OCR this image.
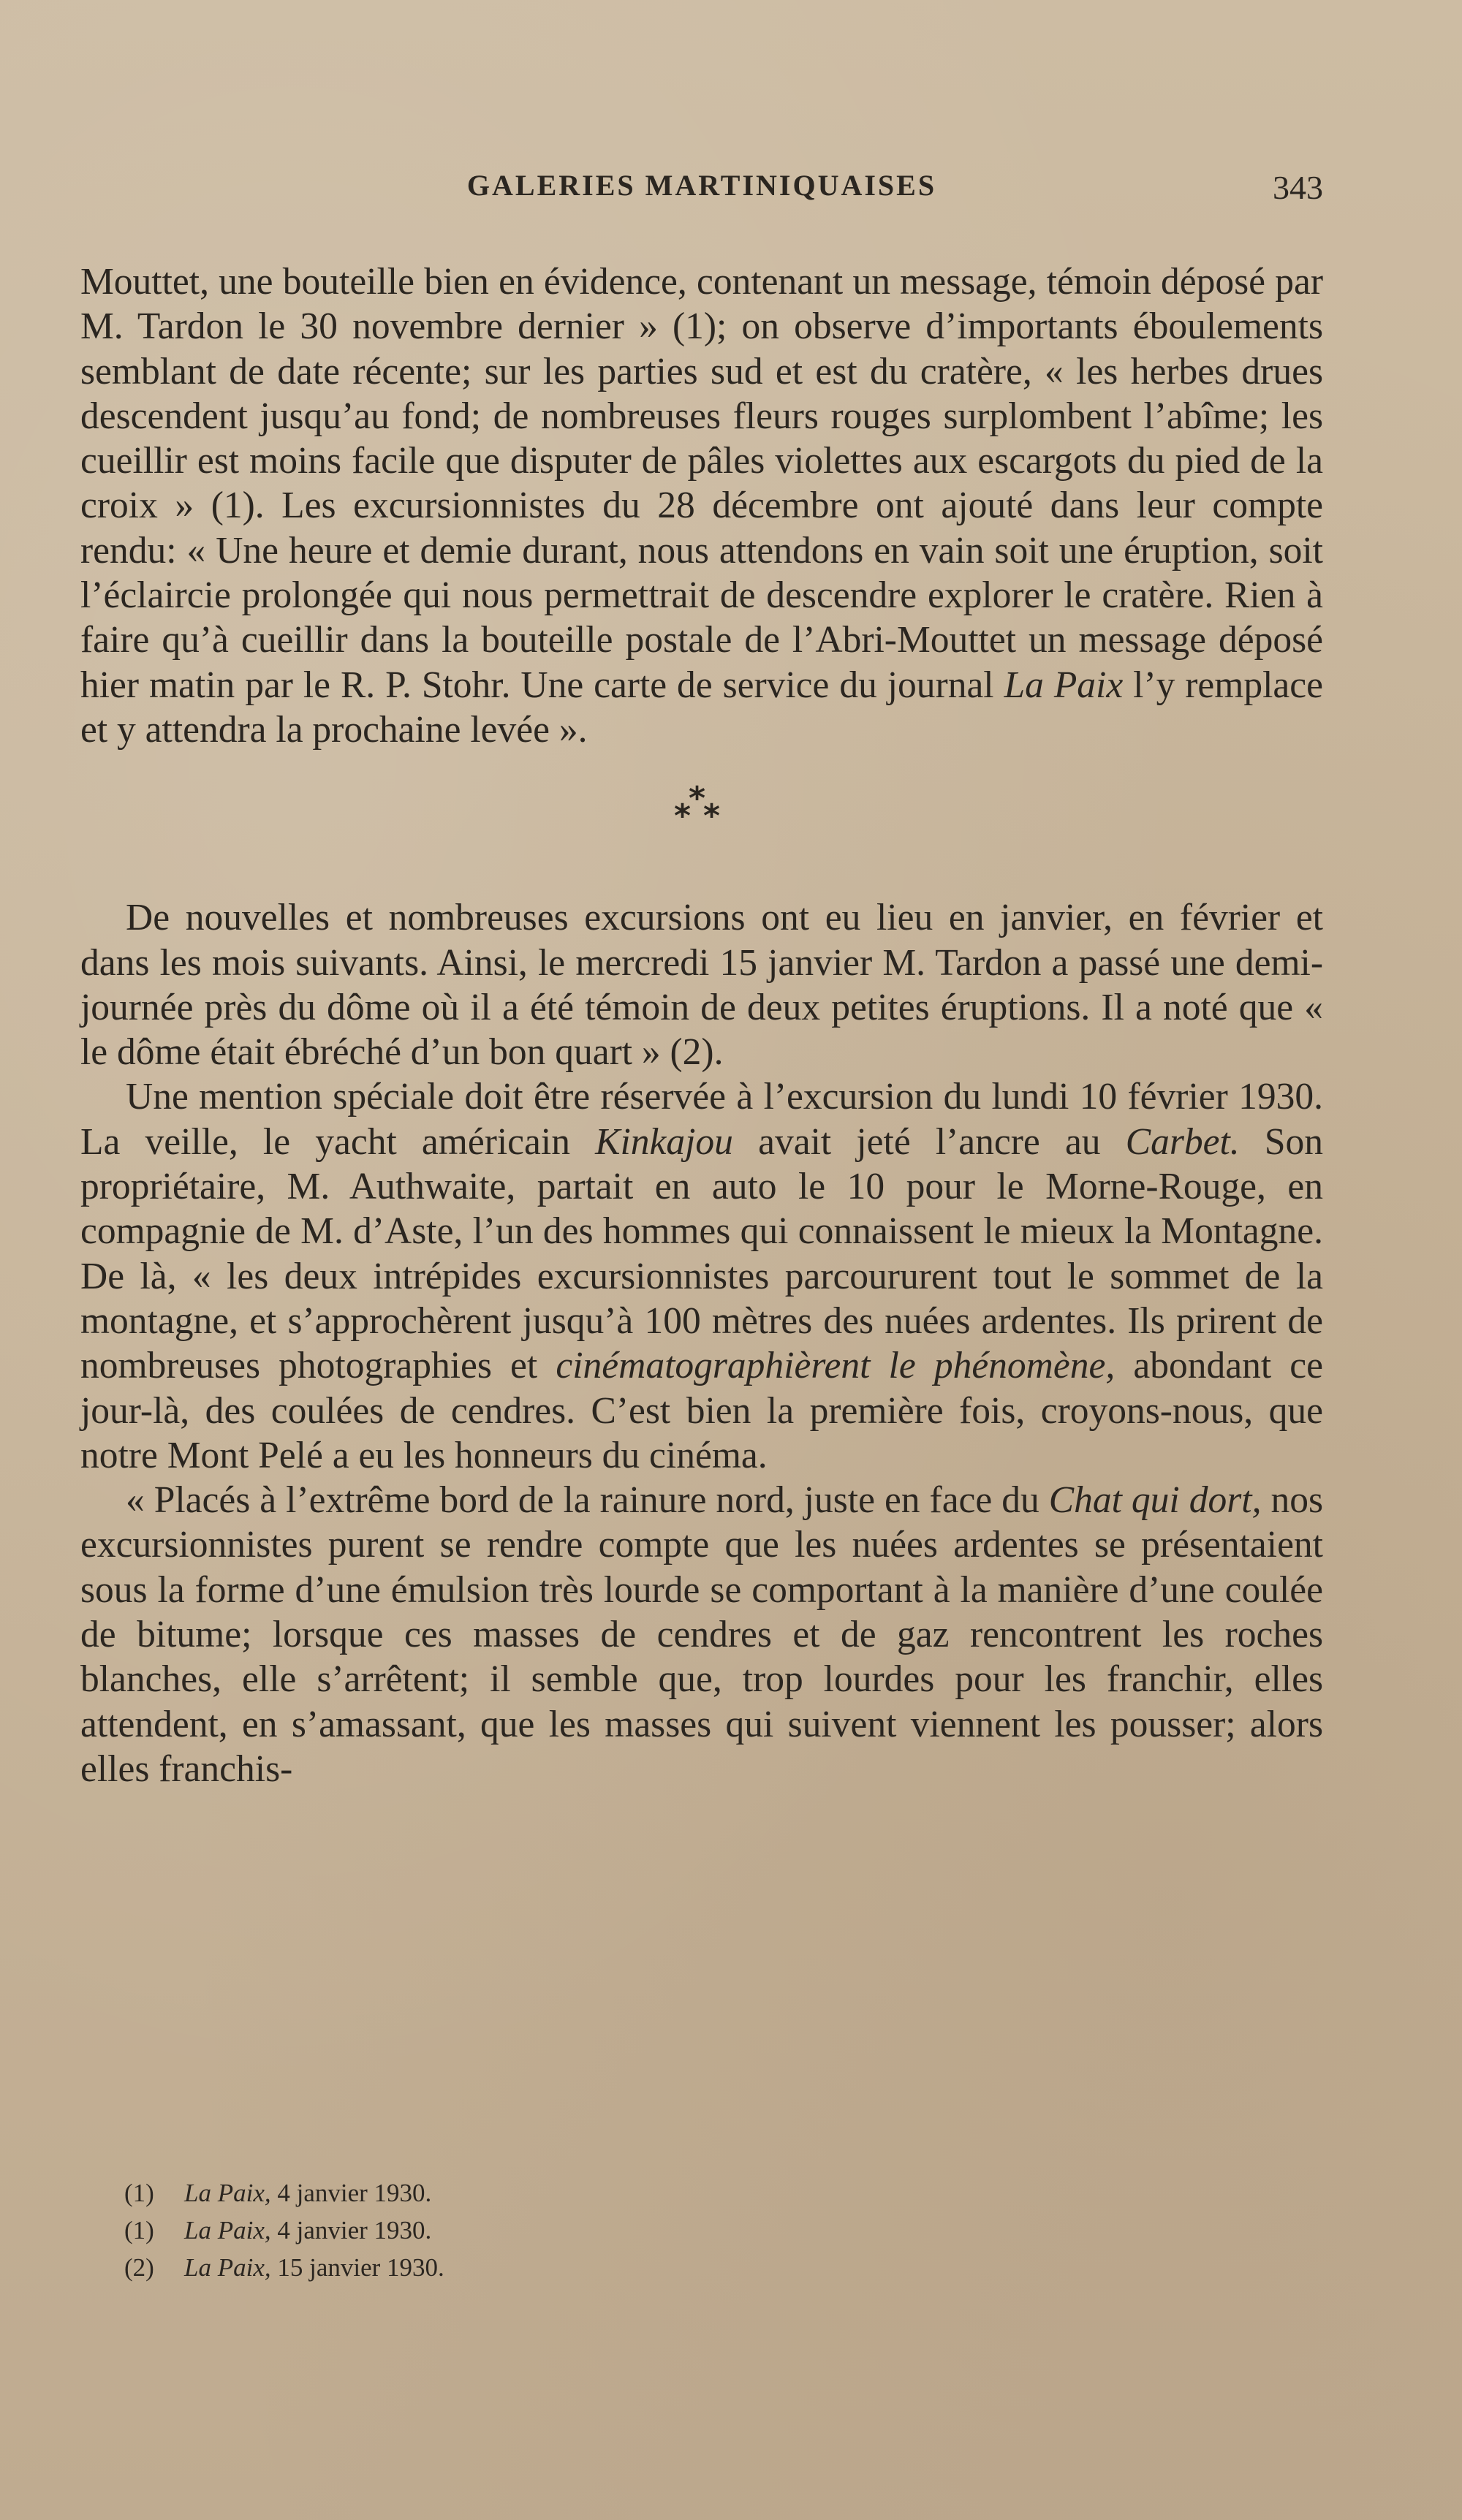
GALERIES MARTINIQUAISES	343

Mouttet, une bouteille bien en évidence, contenant un message, témoin déposé par M. Tardon le 30 novembre dernier » (1); on observe d’importants éboulements semblant de date récente; sur les parties sud et est du cratère, « les herbes drues descendent jusqu’au fond; de nombreuses fleurs rouges surplombent l’abîme; les cueillir est moins facile que disputer de pâles violettes aux escargots du pied de la croix » (1). Les excursionnistes du 28 décembre ont ajouté dans leur compte rendu: « Une heure et demie durant, nous attendons en vain soit une éruption, soit l’éclaircie prolongée qui nous permettrait de descendre explorer le cratère. Rien à faire qu’à cueillir dans la bouteille postale de l’Abri-Mouttet un message déposé hier matin par le R. P. Stohr. Une carte de service du journal La Paix l’y remplace et y attendra la prochaine levée ».

*
* *

De nouvelles et nombreuses excursions ont eu lieu en janvier, en février et dans les mois suivants. Ainsi, le mercredi 15 janvier M. Tardon a passé une demi-journée près du dôme où il a été témoin de deux petites éruptions. Il a noté que « le dôme était ébréché d’un bon quart » (2).

Une mention spéciale doit être réservée à l’excursion du lundi 10 février 1930. La veille, le yacht américain Kinkajou avait jeté l’ancre au Carbet. Son propriétaire, M. Authwaite, partait en auto le 10 pour le Morne-Rouge, en compagnie de M. d’Aste, l’un des hommes qui connaissent le mieux la Montagne. De là, « les deux intrépides excursionnistes parcoururent tout le sommet de la montagne, et s’approchèrent jusqu’à 100 mètres des nuées ardentes. Ils prirent de nombreuses photographies et cinématographièrent le phénomène, abondant ce jour-là, des coulées de cendres. C’est bien la première fois, croyons-nous, que notre Mont Pelé a eu les honneurs du cinéma.

« Placés à l’extrême bord de la rainure nord, juste en face du Chat qui dort, nos excursionnistes purent se rendre compte que les nuées ardentes se présentaient sous la forme d’une émulsion très lourde se comportant à la manière d’une coulée de bitume; lorsque ces masses de cendres et de gaz rencontrent les roches blanches, elle s’arrêtent; il semble que, trop lourdes pour les franchir, elles attendent, en s’amassant, que les masses qui suivent viennent les pousser; alors elles franchis-

(1) La Paix, 4 janvier 1930.
(1) La Paix, 4 janvier 1930.
(2) La Paix, 15 janvier 1930.
